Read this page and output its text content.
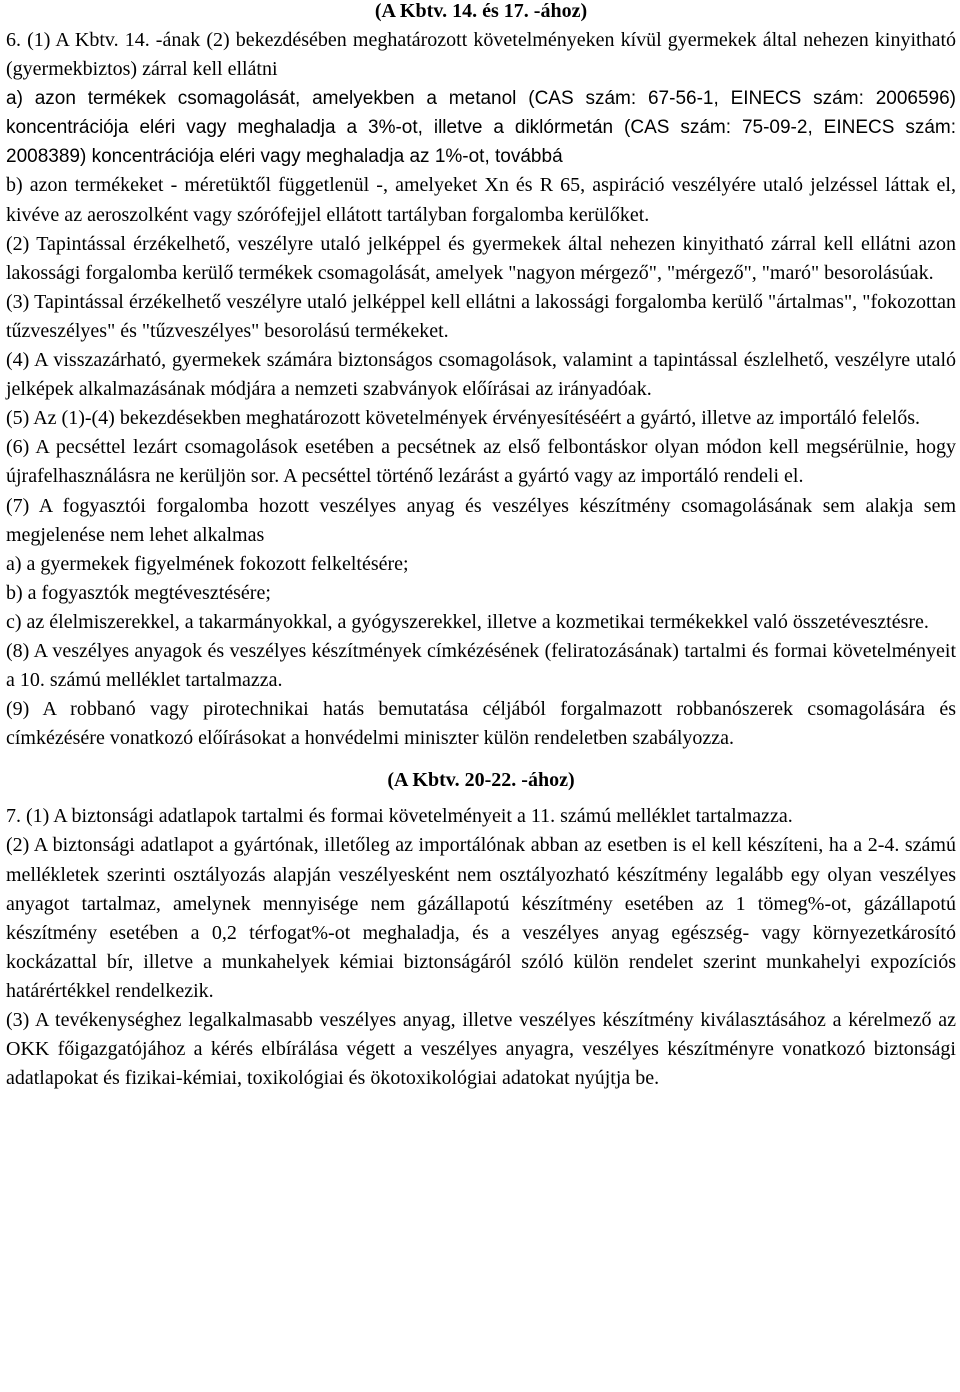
(A Kbtv. 14. és 17. -ához)

6. (1) A Kbtv. 14. -ának (2) bekezdésében meghatározott követelményeken kívül gyermekek által nehezen kinyitható (gyermekbiztos) zárral kell ellátni

a) azon termékek csomagolását, amelyekben a metanol (CAS szám: 67-56-1, EINECS szám: 2006596) koncentrációja eléri vagy meghaladja a 3%-ot, illetve a diklórmetán (CAS szám: 75-09-2, EINECS szám: 2008389) koncentrációja eléri vagy meghaladja az 1%-ot, továbbá

b) azon termékeket - méretüktől függetlenül -, amelyeket Xn és R 65, aspiráció veszélyére utaló jelzéssel láttak el, kivéve az aeroszolként vagy szórófejjel ellátott tartályban forgalomba kerülőket.

(2) Tapintással érzékelhető, veszélyre utaló jelképpel és gyermekek által nehezen kinyitható zárral kell ellátni azon lakossági forgalomba kerülő termékek csomagolását, amelyek "nagyon mérgező", "mérgező", "maró" besorolásúak.

(3) Tapintással érzékelhető veszélyre utaló jelképpel kell ellátni a lakossági forgalomba kerülő "ártalmas", "fokozottan tűzveszélyes" és "tűzveszélyes" besorolású termékeket.

(4) A visszazárható, gyermekek számára biztonságos csomagolások, valamint a tapintással észlelhető, veszélyre utaló jelképek alkalmazásának módjára a nemzeti szabványok előírásai az irányadóak.

(5) Az (1)-(4) bekezdésekben meghatározott követelmények érvényesítéséért a gyártó, illetve az importáló felelős.

(6) A pecséttel lezárt csomagolások esetében a pecsétnek az első felbontáskor olyan módon kell megsérülnie, hogy újrafelhasználásra ne kerüljön sor. A pecséttel történő lezárást a gyártó vagy az importáló rendeli el.

(7) A fogyasztói forgalomba hozott veszélyes anyag és veszélyes készítmény csomagolásának sem alakja sem megjelenése nem lehet alkalmas

a) a gyermekek figyelmének fokozott felkeltésére;

b) a fogyasztók megtévesztésére;

c) az élelmiszerekkel, a takarmányokkal, a gyógyszerekkel, illetve a kozmetikai termékekkel való összetévesztésre.

(8) A veszélyes anyagok és veszélyes készítmények címkézésének (feliratozásának) tartalmi és formai követelményeit a 10. számú melléklet tartalmazza.

(9) A robbanó vagy pirotechnikai hatás bemutatása céljából forgalmazott robbanószerek csomagolására és címkézésére vonatkozó előírásokat a honvédelmi miniszter külön rendeletben szabályozza.

(A Kbtv. 20-22. -ához)

7. (1) A biztonsági adatlapok tartalmi és formai követelményeit a 11. számú melléklet tartalmazza.

(2) A biztonsági adatlapot a gyártónak, illetőleg az importálónak abban az esetben is el kell készíteni, ha a 2-4. számú mellékletek szerinti osztályozás alapján veszélyesként nem osztályozható készítmény legalább egy olyan veszélyes anyagot tartalmaz, amelynek mennyisége nem gázállapotú készítmény esetében az 1 tömeg%-ot, gázállapotú készítmény esetében a 0,2 térfogat%-ot meghaladja, és a veszélyes anyag egészség- vagy környezetkárosító kockázattal bír, illetve a munkahelyek kémiai biztonságáról szóló külön rendelet szerint munkahelyi expozíciós határértékkel rendelkezik.

(3) A tevékenységhez legalkalmasabb veszélyes anyag, illetve veszélyes készítmény kiválasztásához a kérelmező az OKK főigazgatójához a kérés elbírálása végett a veszélyes anyagra, veszélyes készítményre vonatkozó biztonsági adatlapokat és fizikai-kémiai, toxikológiai és ökotoxikológiai adatokat nyújtja be.
